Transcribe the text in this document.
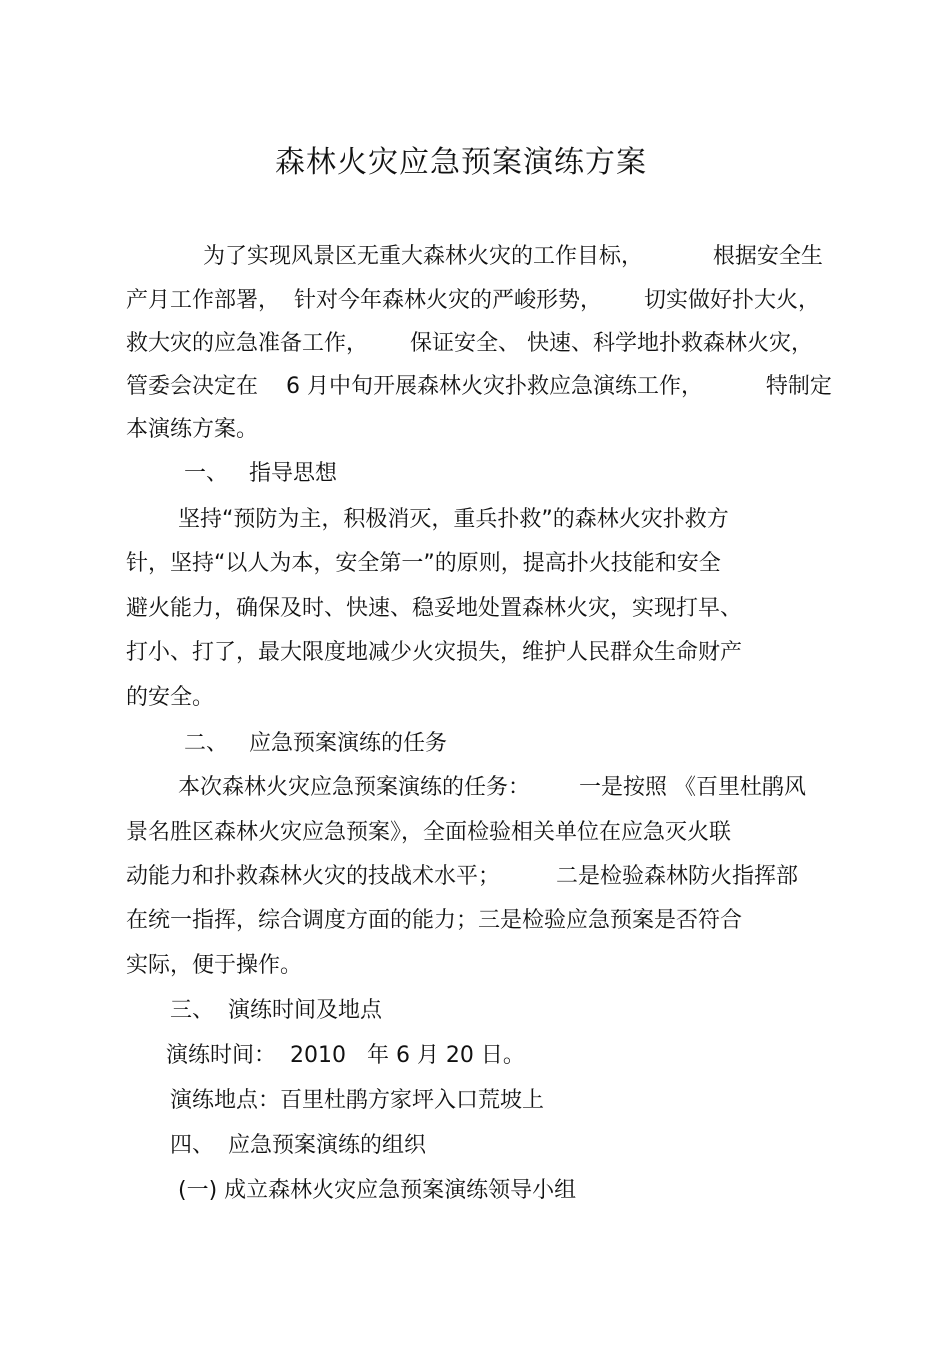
森林火灾应急预案演练方案

为了实现风景区无重大森林火灾的工作目标，          根据安全生

产月工作部署，  针对今年森林火灾的严峻形势，      切实做好扑大火，

救大灾的应急准备工作，      保证安全、 快速、科学地扑救森林火灾，

管委会决定在    6 月中旬开展森林火灾扑救应急演练工作，         特制定

本演练方案。

一、   指导思想

坚持“预防为主，积极消灭，重兵扑救”的森林火灾扑救方

针，坚持“以人为本，安全第一”的原则，提高扑火技能和安全

避火能力，确保及时、快速、稳妥地处置森林火灾，实现打早、

打小、打了，最大限度地减少火灾损失，维护人民群众生命财产

的安全。

二、   应急预案演练的任务

本次森林火灾应急预案演练的任务：       一是按照 《百里杜鹃风

景名胜区森林火灾应急预案》，全面检验相关单位在应急灭火联

动能力和扑救森林火灾的技战术水平；        二是检验森林防火指挥部

在统一指挥，综合调度方面的能力；三是检验应急预案是否符合

实际，便于操作。

三、  演练时间及地点

演练时间：  2010   年 6 月 20 日。

演练地点：百里杜鹃方家坪入口荒坡上

四、  应急预案演练的组织

(一) 成立森林火灾应急预案演练领导小组
